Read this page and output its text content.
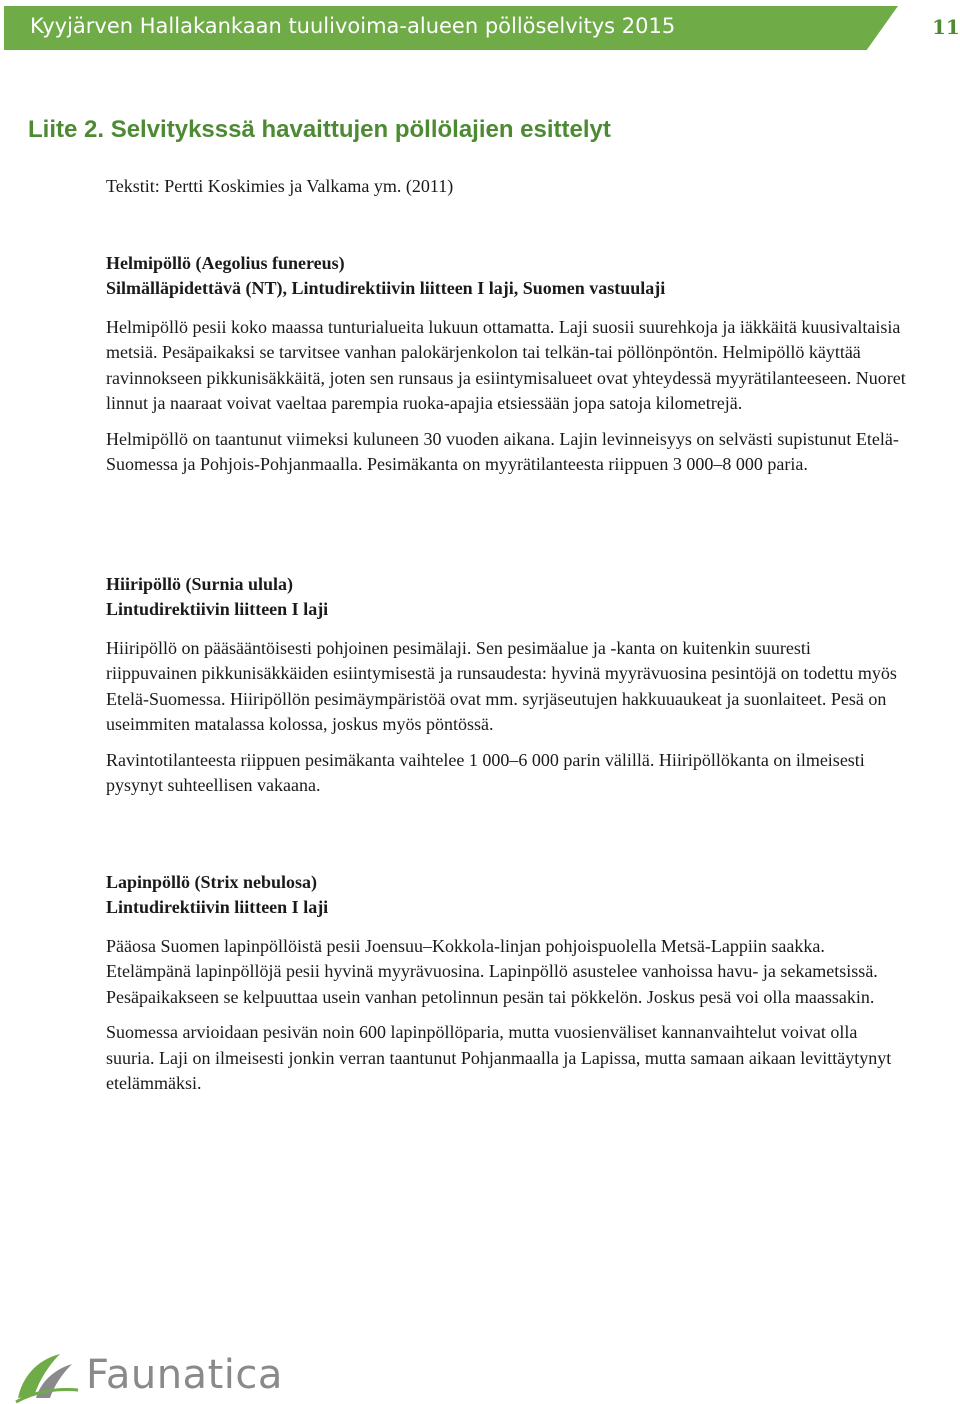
Kyyjärven Hallakankaan tuulivoima-alueen pöllöselvitys 2015	11
Liite 2. Selvityksssä havaittujen pöllölajien esittelyt
Tekstit: Pertti Koskimies ja Valkama ym. (2011)

Helmipöllö (Aegolius funereus)

Silmälläpidettävä (NT), Lintudirektiivin liitteen I laji, Suomen vastuulaji

Helmipöllö pesii koko maassa tunturialueita lukuun ottamatta. Laji suosii suurehkoja ja iäkkäitä kuusivaltaisia metsiä. Pesäpaikaksi se tarvitsee vanhan palokärjenkolon tai telkän-tai pöllönpöntön. Helmipöllö käyttää ravinnokseen pikkunisäkkäitä, joten sen runsaus ja esiintymisalueet ovat yhteydessä myyrätilanteeseen. Nuoret linnut ja naaraat voivat vaeltaa parempia ruoka-apajia etsiessään jopa satoja kilometrejä.

Helmipöllö on taantunut viimeksi kuluneen 30 vuoden aikana. Lajin levinneisyys on selvästi supistunut Etelä-Suomessa ja Pohjois-Pohjanmaalla. Pesimäkanta on myyrätilanteesta riippuen 3 000–8 000 paria.

Hiiripöllö (Surnia ulula)

Lintudirektiivin liitteen I laji

Hiiripöllö on pääsääntöisesti pohjoinen pesimälaji. Sen pesimäalue ja -kanta on kuitenkin suuresti riippuvainen pikkunisäkkäiden esiintymisestä ja runsaudesta: hyvinä myyrävuosina pesintöjä on todettu myös Etelä-Suomessa. Hiiripöllön pesimäympäristöä ovat mm. syrjäseutujen hakkuuaukeat ja suonlaiteet. Pesä on useimmiten matalassa kolossa, joskus myös pöntössä.

Ravintotilanteesta riippuen pesimäkanta vaihtelee 1 000–6 000 parin välillä. Hiiripöllökanta on ilmeisesti pysynyt suhteellisen vakaana.

Lapinpöllö (Strix nebulosa)

Lintudirektiivin liitteen I laji

Pääosa Suomen lapinpöllöistä pesii Joensuu–Kokkola-linjan pohjoispuolella Metsä-Lappiin saakka. Etelämpänä lapinpöllöjä pesii hyvinä myyrävuosina. Lapinpöllö asustelee vanhoissa havu- ja sekametsissä. Pesäpaikakseen se kelpuuttaa usein vanhan petolinnun pesän tai pökkelön. Joskus pesä voi olla maassakin.

Suomessa arvioidaan pesivän noin 600 lapinpöllöparia, mutta vuosienväliset kannanvaihtelut voivat olla suuria. Laji on ilmeisesti jonkin verran taantunut Pohjanmaalla ja Lapissa, mutta samaan aikaan levittäytynyt etelämmäksi.

Faunatica
